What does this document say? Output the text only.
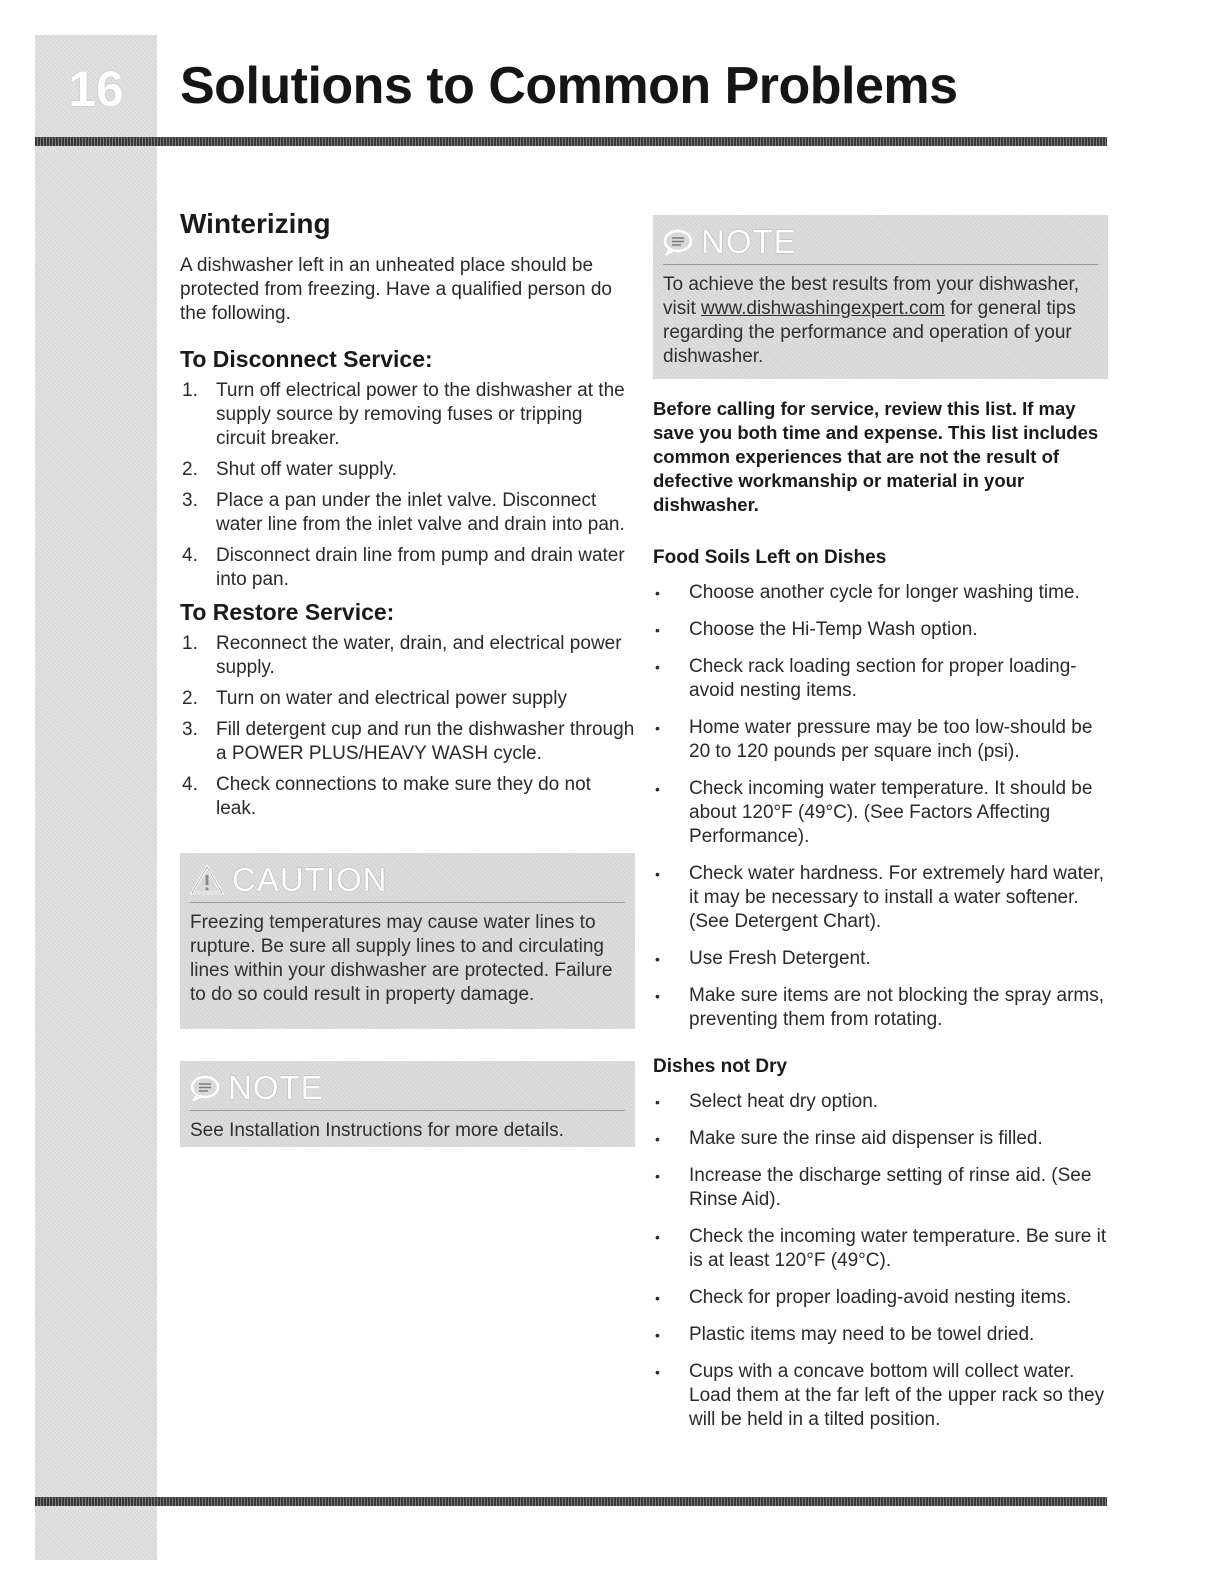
16	Solutions to Common Problems
Winterizing

A dishwasher left in an unheated place should be protected from freezing. Have a qualified person do the following.

To Disconnect Service:
1. Turn off electrical power to the dishwasher at the supply source by removing fuses or tripping circuit breaker.
2. Shut off water supply.
3. Place a pan under the inlet valve. Disconnect water line from the inlet valve and drain into pan.
4. Disconnect drain line from pump and drain water into pan.
To Restore Service:
1. Reconnect the water, drain, and electrical power supply.
2. Turn on water and electrical power supply
3. Fill detergent cup and run the dishwasher through a POWER PLUS/HEAVY WASH cycle.
4. Check connections to make sure they do not leak.
CAUTION
Freezing temperatures may cause water lines to rupture. Be sure all supply lines to and circulating lines within your dishwasher are protected. Failure to do so could result in property damage.
NOTE
See Installation Instructions for more details.
NOTE
To achieve the best results from your dishwasher, visit www.dishwashingexpert.com for general tips regarding the performance and operation of your dishwasher.

Before calling for service, review this list. If may save you both time and expense. This list includes common experiences that are not the result of defective workmanship or material in your dishwasher.

Food Soils Left on Dishes
• Choose another cycle for longer washing time.
• Choose the Hi-Temp Wash option.
• Check rack loading section for proper loading-avoid nesting items.
• Home water pressure may be too low-should be 20 to 120 pounds per square inch (psi).
• Check incoming water temperature. It should be about 120°F (49°C). (See Factors Affecting Performance).
• Check water hardness. For extremely hard water, it may be necessary to install a water softener. (See Detergent Chart).
• Use Fresh Detergent.
• Make sure items are not blocking the spray arms, preventing them from rotating.
Dishes not Dry
• Select heat dry option.
• Make sure the rinse aid dispenser is filled.
• Increase the discharge setting of rinse aid. (See Rinse Aid).
• Check the incoming water temperature. Be sure it is at least 120°F (49°C).
• Check for proper loading-avoid nesting items.
• Plastic items may need to be towel dried.
• Cups with a concave bottom will collect water. Load them at the far left of the upper rack so they will be held in a tilted position.
